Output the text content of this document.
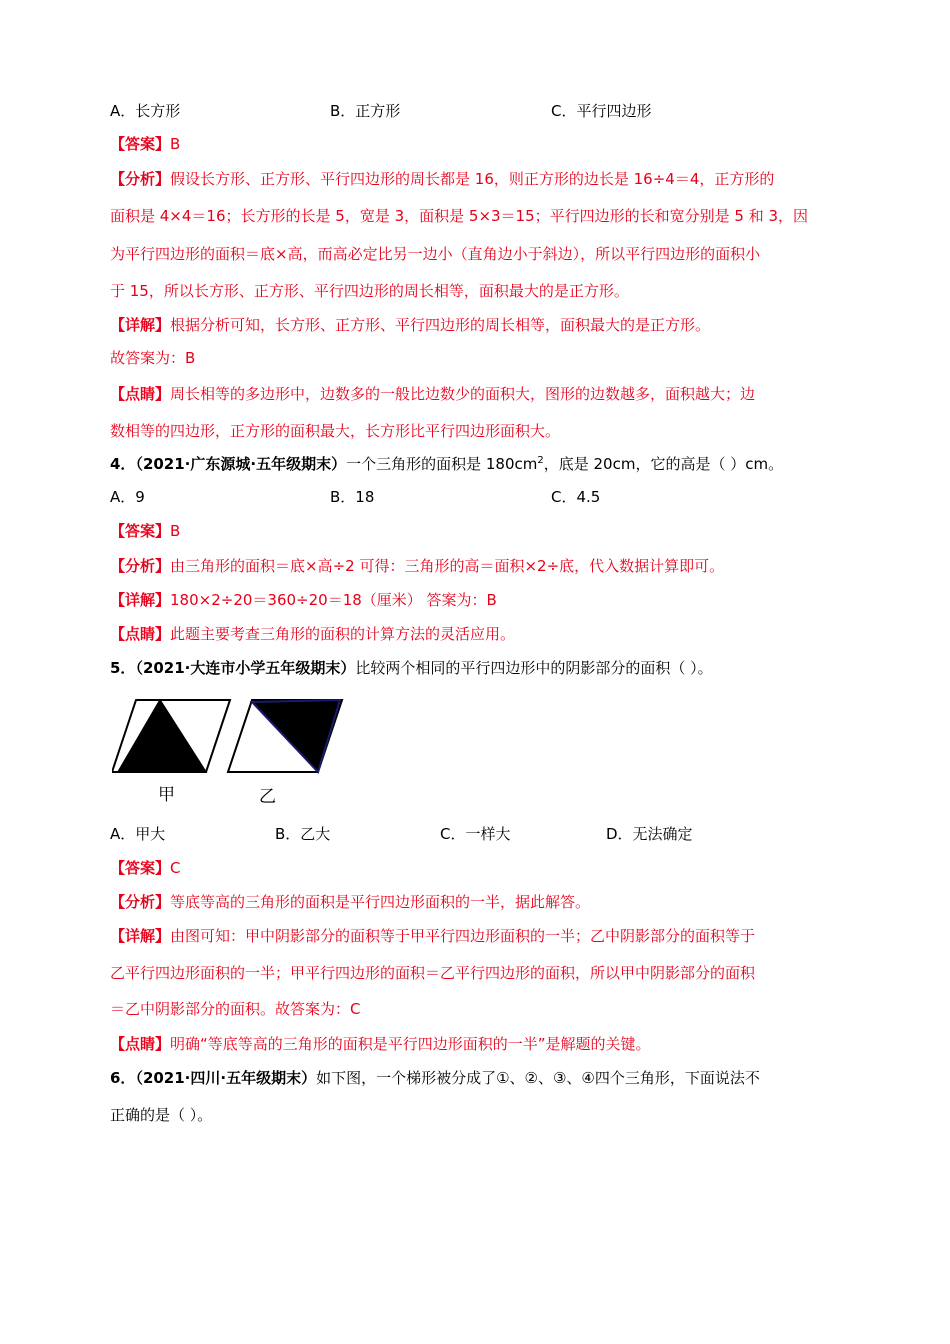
A．长方形	B．正方形	C．平行四边形
【答案】B
【分析】假设长方形、正方形、平行四边形的周长都是 16，则正方形的边长是 16÷4＝4，正方形的
面积是 4×4＝16；长方形的长是 5，宽是 3，面积是 5×3＝15；平行四边形的长和宽分别是 5 和 3，因
为平行四边形的面积＝底×高，而高必定比另一边小（直角边小于斜边），所以平行四边形的面积小
于 15，所以长方形、正方形、平行四边形的周长相等，面积最大的是正方形。
【详解】根据分析可知，长方形、正方形、平行四边形的周长相等，面积最大的是正方形。
故答案为：B
【点睛】周长相等的多边形中，边数多的一般比边数少的面积大，图形的边数越多，面积越大；边
数相等的四边形，正方形的面积最大，长方形比平行四边形面积大。
4．（2021·广东源城·五年级期末）一个三角形的面积是 $180cm^2$，底是 20cm，它的高是（ ）cm。
A．9	B．18	C．4.5
【答案】B
【分析】由三角形的面积＝底×高÷2 可得：三角形的高＝面积×2÷底，代入数据计算即可。
【详解】180×2÷20＝360÷20＝18（厘米） 答案为：B
【点睛】此题主要考查三角形的面积的计算方法的灵活应用。
5．（2021·大连市小学五年级期末）比较两个相同的平行四边形中的阴影部分的面积（ ）。
甲	乙
A．甲大	B．乙大	C．一样大	D．无法确定
【答案】C
【分析】等底等高的三角形的面积是平行四边形面积的一半，据此解答。
【详解】由图可知：甲中阴影部分的面积等于甲平行四边形面积的一半；乙中阴影部分的面积等于
乙平行四边形面积的一半；甲平行四边形的面积＝乙平行四边形的面积，所以甲中阴影部分的面积
＝乙中阴影部分的面积。故答案为：C
【点睛】明确“等底等高的三角形的面积是平行四边形面积的一半”是解题的关键。
6．（2021·四川·五年级期末）如下图，一个梯形被分成了①、②、③、④四个三角形，下面说法不
正确的是（ ）。
